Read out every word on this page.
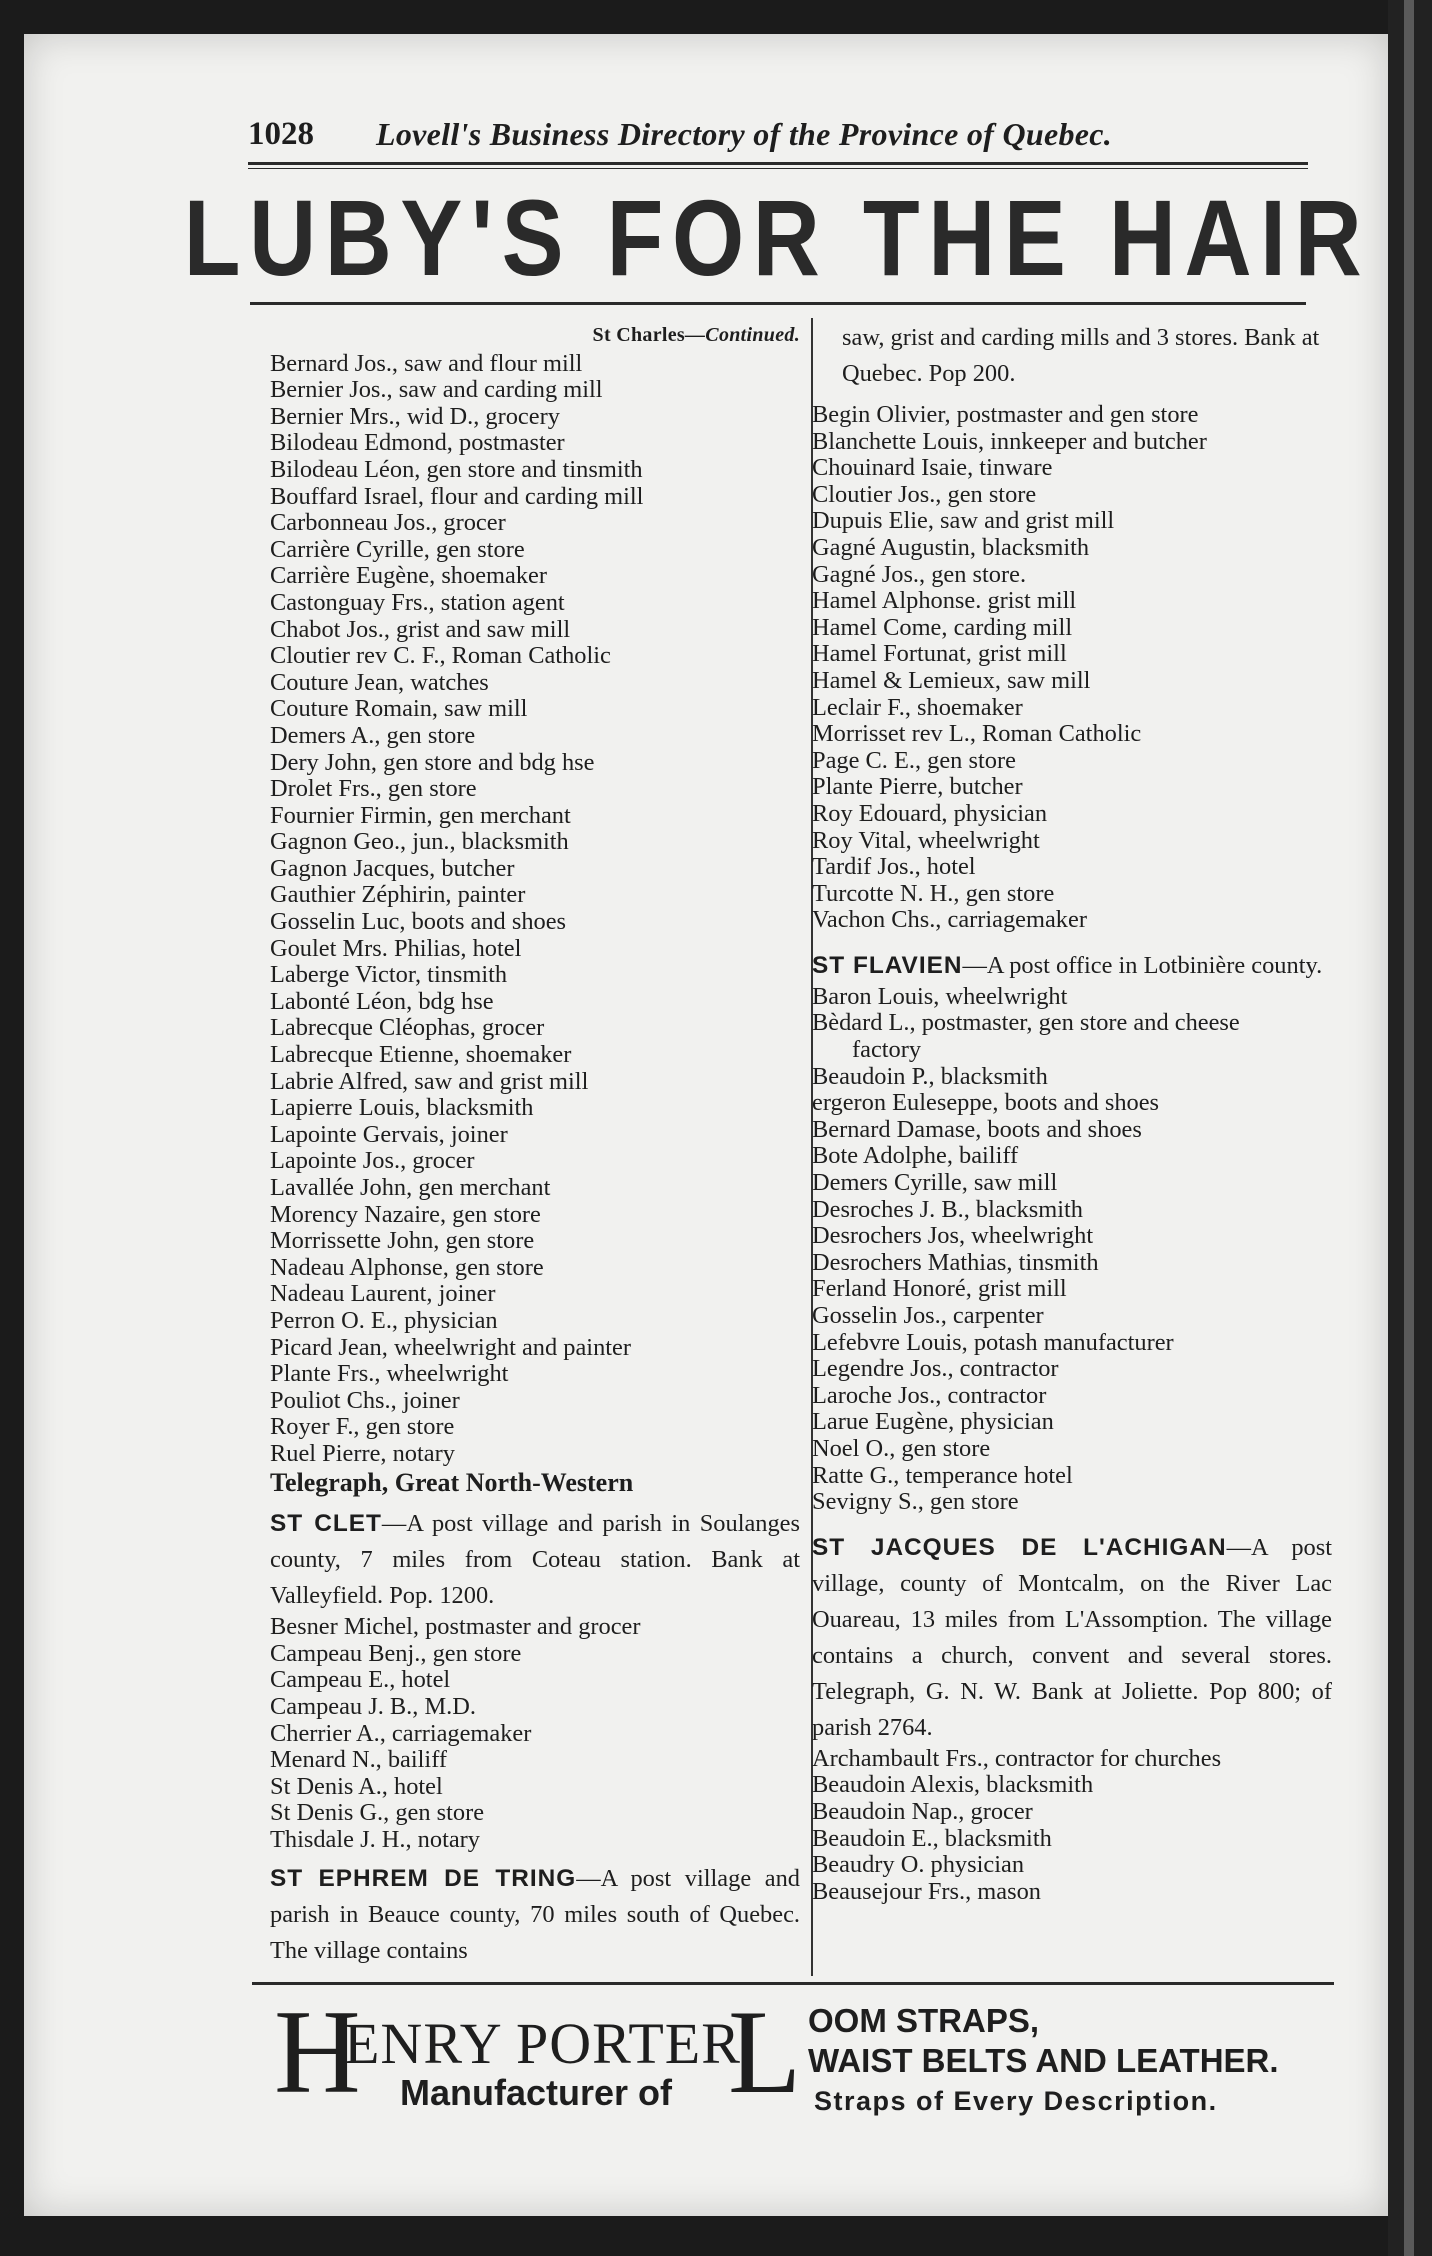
1028 Lovell's Business Directory of the Province of Quebec.
LUBY'S FOR THE HAIR
St Charles—Continued.
Bernard Jos., saw and flour mill
Bernier Jos., saw and carding mill
Bernier Mrs., wid D., grocery
Bilodeau Edmond, postmaster
Bilodeau Léon, gen store and tinsmith
Bouffard Israel, flour and carding mill
Carbonneau Jos., grocer
Carrière Cyrille, gen store
Carrière Eugène, shoemaker
Castonguay Frs., station agent
Chabot Jos., grist and saw mill
Cloutier rev C. F., Roman Catholic
Couture Jean, watches
Couture Romain, saw mill
Demers A., gen store
Dery John, gen store and bdg hse
Drolet Frs., gen store
Fournier Firmin, gen merchant
Gagnon Geo., jun., blacksmith
Gagnon Jacques, butcher
Gauthier Zéphirin, painter
Gosselin Luc, boots and shoes
Goulet Mrs. Philias, hotel
Laberge Victor, tinsmith
Labonté Léon, bdg hse
Labrecque Cléophas, grocer
Labrecque Etienne, shoemaker
Labrie Alfred, saw and grist mill
Lapierre Louis, blacksmith
Lapointe Gervais, joiner
Lapointe Jos., grocer
Lavallée John, gen merchant
Morency Nazaire, gen store
Morrissette John, gen store
Nadeau Alphonse, gen store
Nadeau Laurent, joiner
Perron O. E., physician
Picard Jean, wheelwright and painter
Plante Frs., wheelwright
Pouliot Chs., joiner
Royer F., gen store
Ruel Pierre, notary
Telegraph, Great North-Western
ST CLET—A post village and parish in Soulanges county, 7 miles from Coteau station. Bank at Valleyfield. Pop. 1200.
Besner Michel, postmaster and grocer
Campeau Benj., gen store
Campeau E., hotel
Campeau J. B., M.D.
Cherrier A., carriagemaker
Menard N., bailiff
St Denis A., hotel
St Denis G., gen store
Thisdale J. H., notary
ST EPHREM DE TRING—A post village and parish in Beauce county, 70 miles south of Quebec. The village contains
saw, grist and carding mills and 3 stores. Bank at Quebec. Pop 200.
Begin Olivier, postmaster and gen store
Blanchette Louis, innkeeper and butcher
Chouinard Isaie, tinware
Cloutier Jos., gen store
Dupuis Elie, saw and grist mill
Gagné Augustin, blacksmith
Gagné Jos., gen store.
Hamel Alphonse. grist mill
Hamel Come, carding mill
Hamel Fortunat, grist mill
Hamel & Lemieux, saw mill
Leclair F., shoemaker
Morrisset rev L., Roman Catholic
Page C. E., gen store
Plante Pierre, butcher
Roy Edouard, physician
Roy Vital, wheelwright
Tardif Jos., hotel
Turcotte N. H., gen store
Vachon Chs., carriagemaker
ST FLAVIEN—A post office in Lotbinière county.
Baron Louis, wheelwright
Bèdard L., postmaster, gen store and cheese
factory
Beaudoin P., blacksmith
ergeron Euleseppe, boots and shoes
Bernard Damase, boots and shoes
Bote Adolphe, bailiff
Demers Cyrille, saw mill
Desroches J. B., blacksmith
Desrochers Jos, wheelwright
Desrochers Mathias, tinsmith
Ferland Honoré, grist mill
Gosselin Jos., carpenter
Lefebvre Louis, potash manufacturer
Legendre Jos., contractor
Laroche Jos., contractor
Larue Eugène, physician
Noel O., gen store
Ratte G., temperance hotel
Sevigny S., gen store
ST JACQUES DE L'ACHIGAN—A post village, county of Montcalm, on the River Lac Ouareau, 13 miles from L'Assomption. The village contains a church, convent and several stores. Telegraph, G. N. W. Bank at Joliette. Pop 800; of parish 2764.
Archambault Frs., contractor for churches
Beaudoin Alexis, blacksmith
Beaudoin Nap., grocer
Beaudoin E., blacksmith
Beaudry O. physician
Beausejour Frs., mason
H
ENRY PORTER,
Manufacturer of L OOM STRAPS,
WAIST BELTS AND LEATHER.
Straps of Every Description.
